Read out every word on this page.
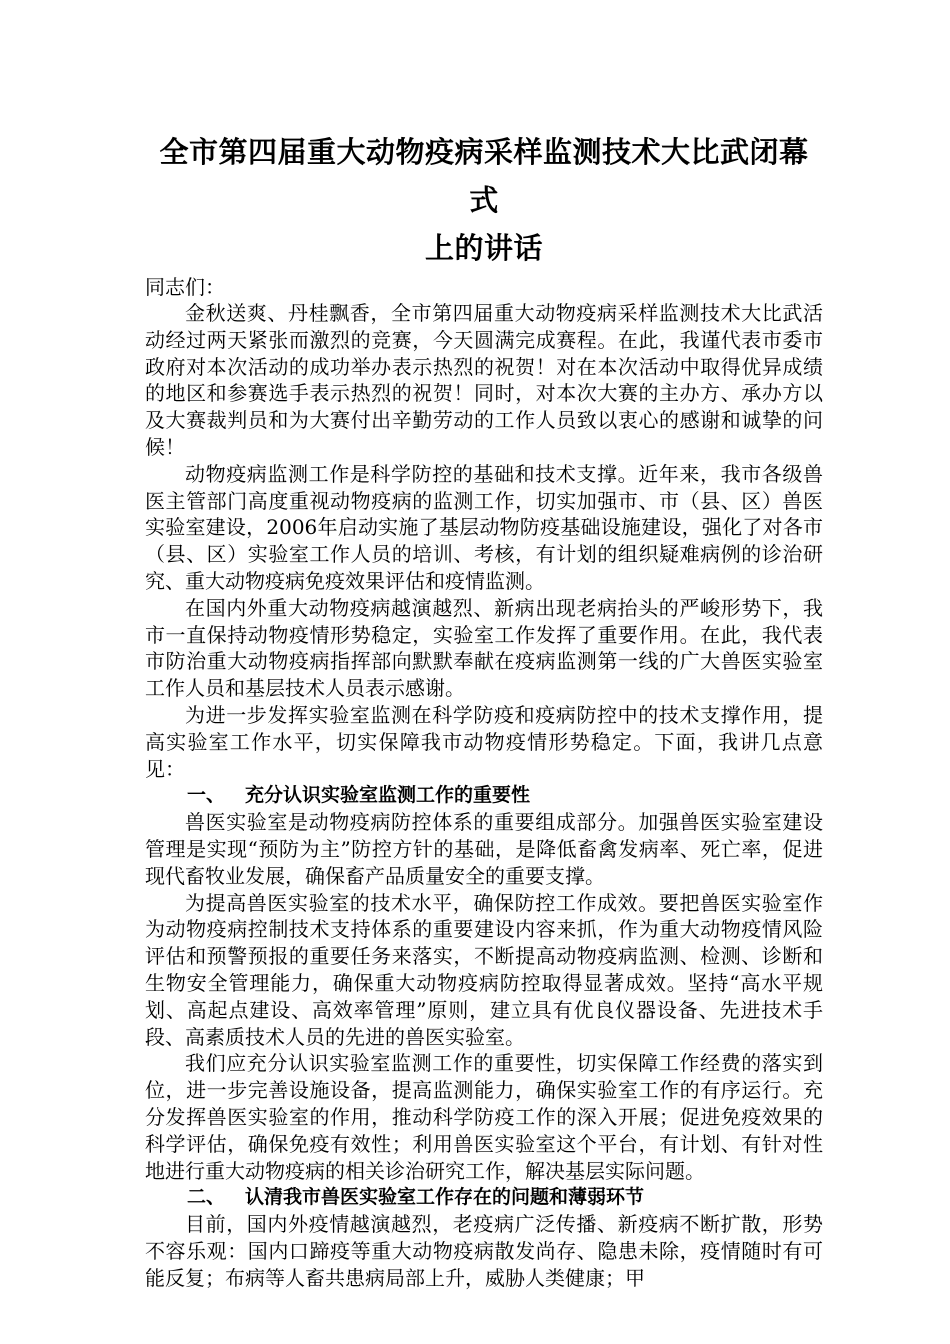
全市第四届重大动物疫病采样监测技术大比武闭幕式
上的讲话

同志们：

金秋送爽、丹桂飘香，全市第四届重大动物疫病采样监测技术大比武活动经过两天紧张而激烈的竞赛，今天圆满完成赛程。在此，我谨代表市委市政府对本次活动的成功举办表示热烈的祝贺！对在本次活动中取得优异成绩的地区和参赛选手表示热烈的祝贺！同时，对本次大赛的主办方、承办方以及大赛裁判员和为大赛付出辛勤劳动的工作人员致以衷心的感谢和诚挚的问候！

动物疫病监测工作是科学防控的基础和技术支撑。近年来，我市各级兽医主管部门高度重视动物疫病的监测工作，切实加强市、市（县、区）兽医实验室建设，2006年启动实施了基层动物防疫基础设施建设，强化了对各市（县、区）实验室工作人员的培训、考核，有计划的组织疑难病例的诊治研究、重大动物疫病免疫效果评估和疫情监测。

在国内外重大动物疫病越演越烈、新病出现老病抬头的严峻形势下，我市一直保持动物疫情形势稳定，实验室工作发挥了重要作用。在此，我代表市防治重大动物疫病指挥部向默默奉献在疫病监测第一线的广大兽医实验室工作人员和基层技术人员表示感谢。

为进一步发挥实验室监测在科学防疫和疫病防控中的技术支撑作用，提高实验室工作水平，切实保障我市动物疫情形势稳定。下面，我讲几点意见：

一、 充分认识实验室监测工作的重要性

兽医实验室是动物疫病防控体系的重要组成部分。加强兽医实验室建设管理是实现“预防为主”防控方针的基础，是降低畜禽发病率、死亡率，促进现代畜牧业发展，确保畜产品质量安全的重要支撑。

为提高兽医实验室的技术水平，确保防控工作成效。要把兽医实验室作为动物疫病控制技术支持体系的重要建设内容来抓，作为重大动物疫情风险评估和预警预报的重要任务来落实，不断提高动物疫病监测、检测、诊断和生物安全管理能力，确保重大动物疫病防控取得显著成效。坚持“高水平规划、高起点建设、高效率管理”原则，建立具有优良仪器设备、先进技术手段、高素质技术人员的先进的兽医实验室。

我们应充分认识实验室监测工作的重要性，切实保障工作经费的落实到位，进一步完善设施设备，提高监测能力，确保实验室工作的有序运行。充分发挥兽医实验室的作用，推动科学防疫工作的深入开展；促进免疫效果的科学评估，确保免疫有效性；利用兽医实验室这个平台，有计划、有针对性地进行重大动物疫病的相关诊治研究工作，解决基层实际问题。

二、 认清我市兽医实验室工作存在的问题和薄弱环节

目前，国内外疫情越演越烈，老疫病广泛传播、新疫病不断扩散，形势不容乐观：国内口蹄疫等重大动物疫病散发尚存、隐患未除，疫情随时有可能反复；布病等人畜共患病局部上升，威胁人类健康；甲
